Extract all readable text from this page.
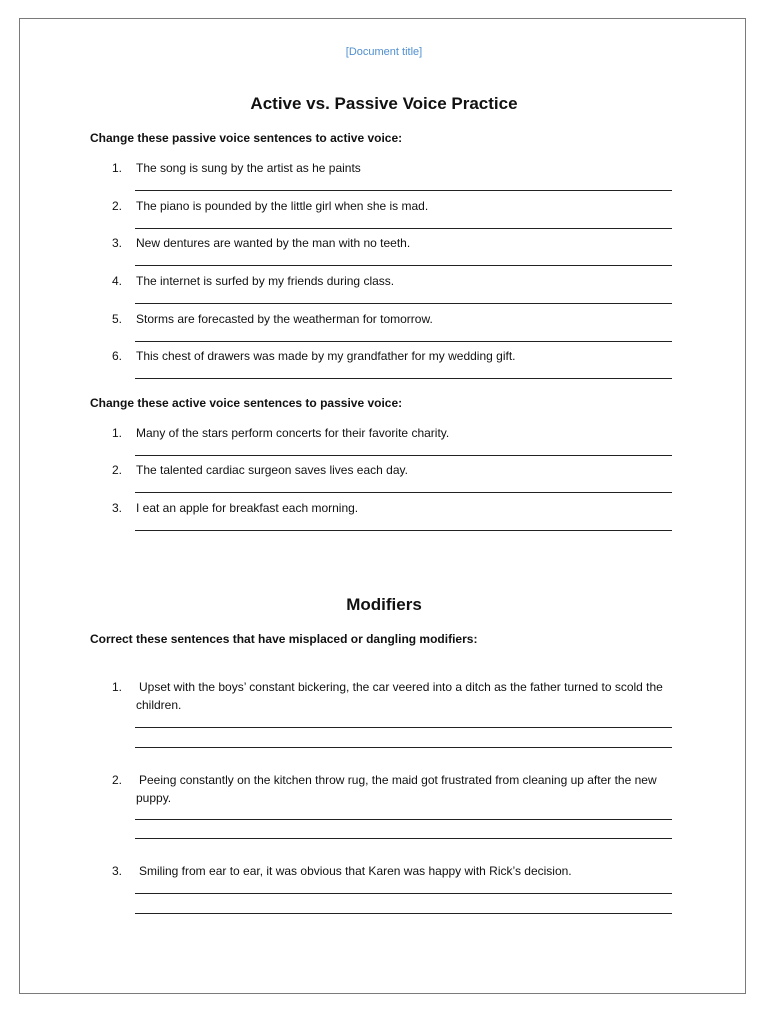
[Document title]
Active vs. Passive Voice Practice
Change these passive voice sentences to active voice:
1. The song is sung by the artist as he paints
2. The piano is pounded by the little girl when she is mad.
3. New dentures are wanted by the man with no teeth.
4. The internet is surfed by my friends during class.
5. Storms are forecasted by the weatherman for tomorrow.
6. This chest of drawers was made by my grandfather for my wedding gift.
Change these active voice sentences to passive voice:
1. Many of the stars perform concerts for their favorite charity.
2. The talented cardiac surgeon saves lives each day.
3. I eat an apple for breakfast each morning.
Modifiers
Correct these sentences that have misplaced or dangling modifiers:
1. Upset with the boys’ constant bickering, the car veered into a ditch as the father turned to scold the children.
2. Peeing constantly on the kitchen throw rug, the maid got frustrated from cleaning up after the new puppy.
3. Smiling from ear to ear, it was obvious that Karen was happy with Rick’s decision.
